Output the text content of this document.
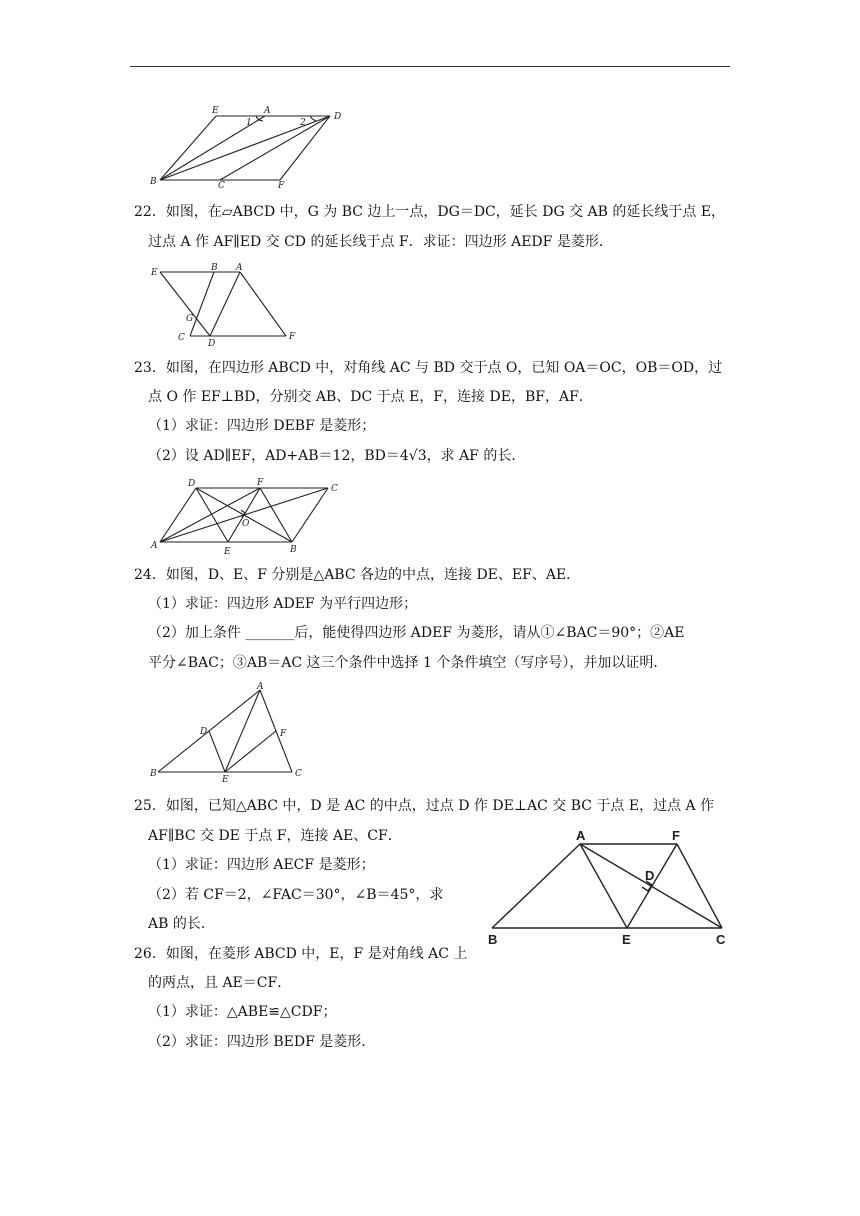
E	A
D
1	2
B	C	F
22．如图，在▱ABCD 中，G 为 BC 边上一点，DG＝DC，延长 DG 交 AB 的延长线于点 E，
过点 A 作 AF∥ED 交 CD 的延长线于点 F．求证：四边形 AEDF 是菱形．
E	B A
G
C
D
F
23．如图，在四边形 ABCD 中，对角线 AC 与 BD 交于点 O，已知 OA＝OC，OB＝OD，过
点 O 作 EF⊥BD，分别交 AB、DC 于点 E，F，连接 DE，BF，AF．
（1）求证：四边形 DEBF 是菱形；
（2）设 AD∥EF，AD+AB＝12，BD＝4√3，求 AF 的长．
D	F
C
O
A
E	B
24．如图，D、E、F 分别是△ABC 各边的中点，连接 DE、EF、AE．
（1）求证：四边形 ADEF 为平行四边形；
（2）加上条件 _______后，能使得四边形 ADEF 为菱形，请从①∠BAC＝90°；②AE
平分∠BAC；③AB＝AC 这三个条件中选择 1 个条件填空（写序号），并加以证明．
A
D	F
B
E
C
25．如图，已知△ABC 中，D 是 AC 的中点，过点 D 作 DE⊥AC 交 BC 于点 E，过点 A 作
AF∥BC 交 DE 于点 F，连接 AE、CF．
（1）求证：四边形 AECF 是菱形；
（2）若 CF＝2，∠FAC＝30°，∠B＝45°，求
AB 的长．
A	F
D
B	E	C
26．如图，在菱形 ABCD 中，E，F 是对角线 AC 上
的两点，且 AE＝CF．
（1）求证：△ABE≌△CDF；
（2）求证：四边形 BEDF 是菱形．
